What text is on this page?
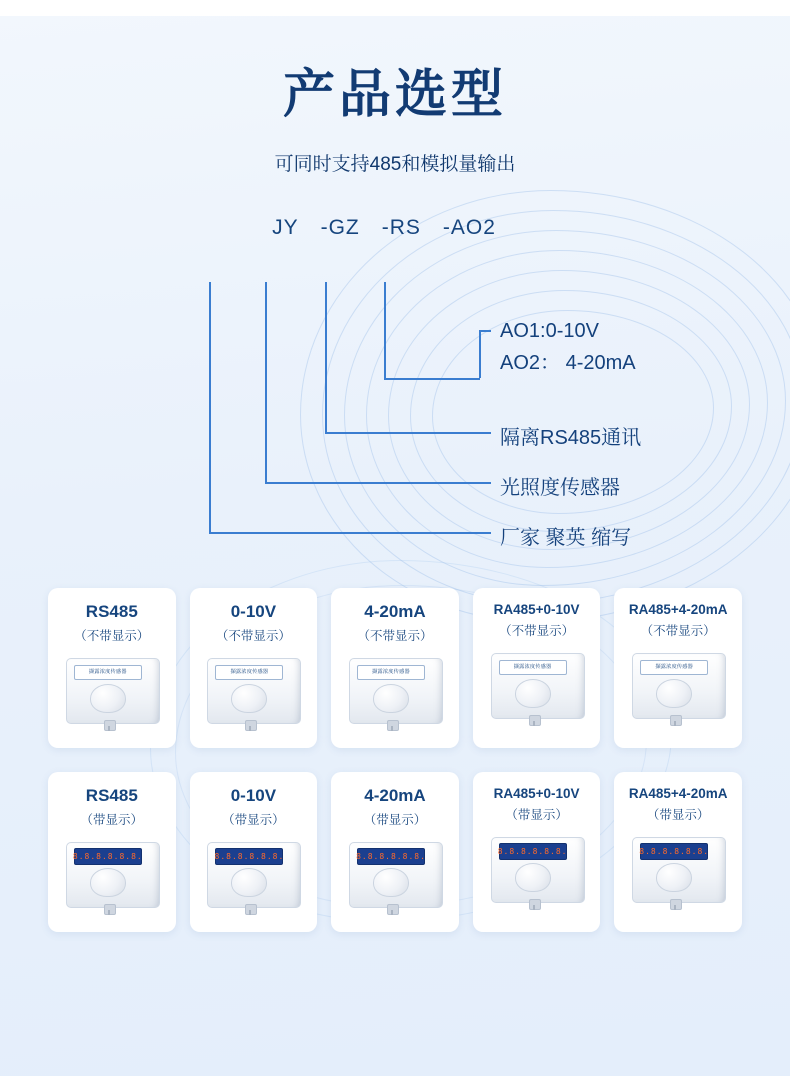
产品选型
可同时支持485和模拟量输出
JY -GZ -RS -AO2
AO1:0-10V
AO2： 4-20mA
隔离RS485通讯
光照度传感器
厂家 聚英 缩写
RS485
（不带显示）
撷露浓度传感器
0-10V
（不带显示）
撷露浓度传感器
4-20mA
（不带显示）
撷露浓度传感器
RA485+0-10V
（不带显示）
撷露浓度传感器
RA485+4-20mA
（不带显示）
撷露浓度传感器
RS485
（带显示）
8.8.8.8.8.8.
0-10V
（带显示）
8.8.8.8.8.8.
4-20mA
（带显示）
8.8.8.8.8.8.
RA485+0-10V
（带显示）
8.8.8.8.8.8.
RA485+4-20mA
（带显示）
8.8.8.8.8.8.
